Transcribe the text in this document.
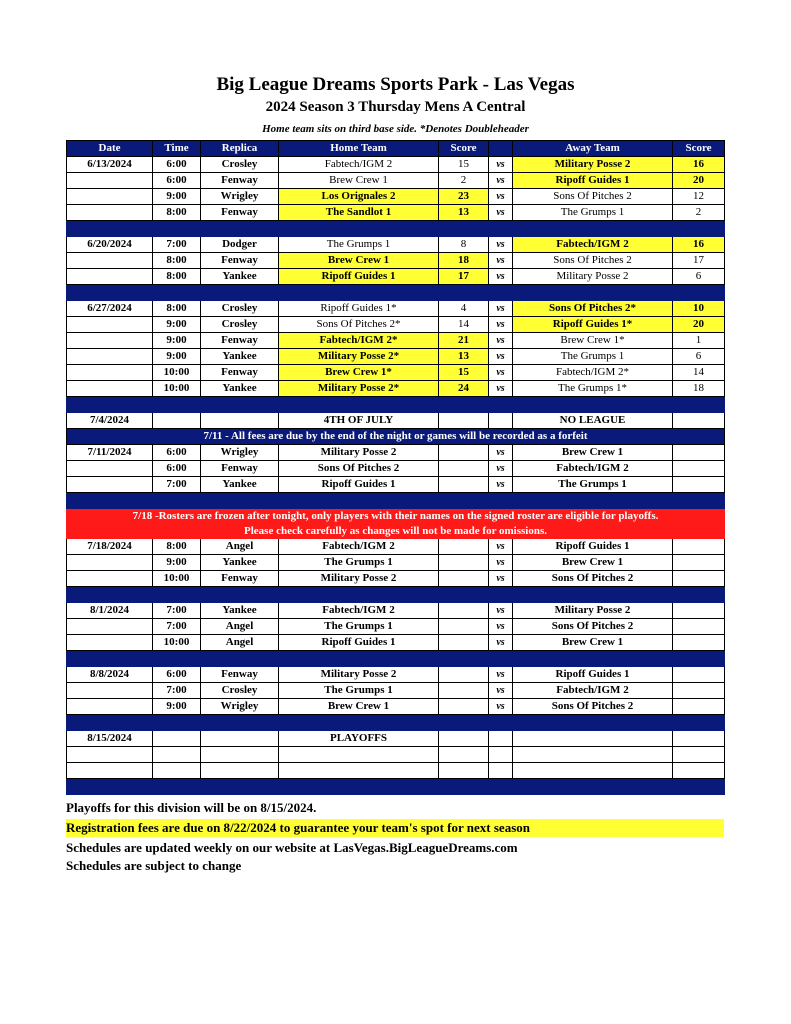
Big League Dreams Sports Park - Las Vegas
2024 Season 3 Thursday Mens A Central
Home team sits on third base side. *Denotes Doubleheader
Date	Time	Replica	Home Team	Score		Away Team	Score
6/13/2024	6:00	Crosley	Fabtech/IGM 2	15	vs	Military Posse 2	16
	6:00	Fenway	Brew Crew 1	2	vs	Ripoff Guides 1	20
	9:00	Wrigley	Los Orignales 2	23	vs	Sons Of Pitches 2	12
	8:00	Fenway	The Sandlot 1	13	vs	The Grumps 1	2

6/20/2024	7:00	Dodger	The Grumps 1	8	vs	Fabtech/IGM 2	16
	8:00	Fenway	Brew Crew 1	18	vs	Sons Of Pitches 2	17
	8:00	Yankee	Ripoff Guides 1	17	vs	Military Posse 2	6

6/27/2024	8:00	Crosley	Ripoff Guides 1*	4	vs	Sons Of Pitches 2*	10
	9:00	Crosley	Sons Of Pitches 2*	14	vs	Ripoff Guides 1*	20
	9:00	Fenway	Fabtech/IGM 2*	21	vs	Brew Crew 1*	1
	9:00	Yankee	Military Posse 2*	13	vs	The Grumps 1	6
	10:00	Fenway	Brew Crew 1*	15	vs	Fabtech/IGM 2*	14
	10:00	Yankee	Military Posse 2*	24	vs	The Grumps 1*	18

7/4/2024			4TH OF JULY			NO LEAGUE	
7/11 - All fees are due by the end of the night or games will be recorded as a forfeit							
7/11/2024	6:00	Wrigley	Military Posse 2		vs	Brew Crew 1	
	6:00	Fenway	Sons Of Pitches 2		vs	Fabtech/IGM 2	
	7:00	Yankee	Ripoff Guides 1		vs	The Grumps 1	

7/18 -Rosters are frozen after tonight, only players with their names on the signed roster are eligible for playoffs.							
Please check carefully as changes will not be made for omissions.							
7/18/2024	8:00	Angel	Fabtech/IGM 2		vs	Ripoff Guides 1	
	9:00	Yankee	The Grumps 1		vs	Brew Crew 1	
	10:00	Fenway	Military Posse 2		vs	Sons Of Pitches 2	

8/1/2024	7:00	Yankee	Fabtech/IGM 2		vs	Military Posse 2	
	7:00	Angel	The Grumps 1		vs	Sons Of Pitches 2	
	10:00	Angel	Ripoff Guides 1		vs	Brew Crew 1	

8/8/2024	6:00	Fenway	Military Posse 2		vs	Ripoff Guides 1	
	7:00	Crosley	The Grumps 1		vs	Fabtech/IGM 2	
	9:00	Wrigley	Brew Crew 1		vs	Sons Of Pitches 2	

8/15/2024			PLAYOFFS				

Playoffs for this division will be on 8/15/2024.
Registration fees are due on 8/22/2024 to guarantee your team's spot for next season
Schedules are updated weekly on our website at LasVegas.BigLeagueDreams.com
Schedules are subject to change
